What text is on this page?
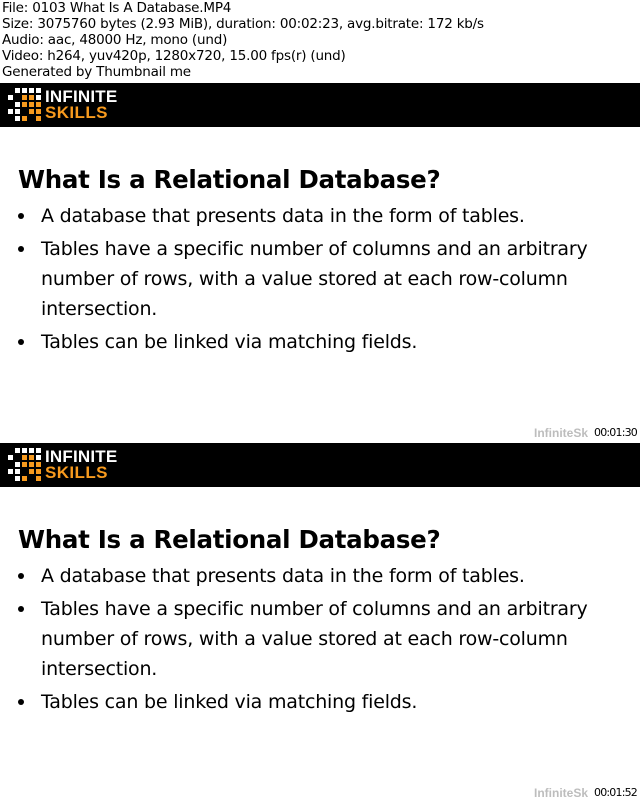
File: 0103 What Is A Database.MP4
Size: 3075760 bytes (2.93 MiB), duration: 00:02:23, avg.bitrate: 172 kb/s
Audio: aac, 48000 Hz, mono (und)
Video: h264, yuv420p, 1280x720, 15.00 fps(r) (und)
Generated by Thumbnail me
INFINITE
SKILLS
What Is a Relational Database?
A database that presents data in the form of tables.
Tables have a specific number of columns and an arbitrary number of rows, with a value stored at each row-column intersection.
Tables can be linked via matching fields.
InfiniteSk 00:01:30
INFINITE
SKILLS
What Is a Relational Database?
A database that presents data in the form of tables.
Tables have a specific number of columns and an arbitrary number of rows, with a value stored at each row-column intersection.
Tables can be linked via matching fields.
InfiniteSk 00:01:52
